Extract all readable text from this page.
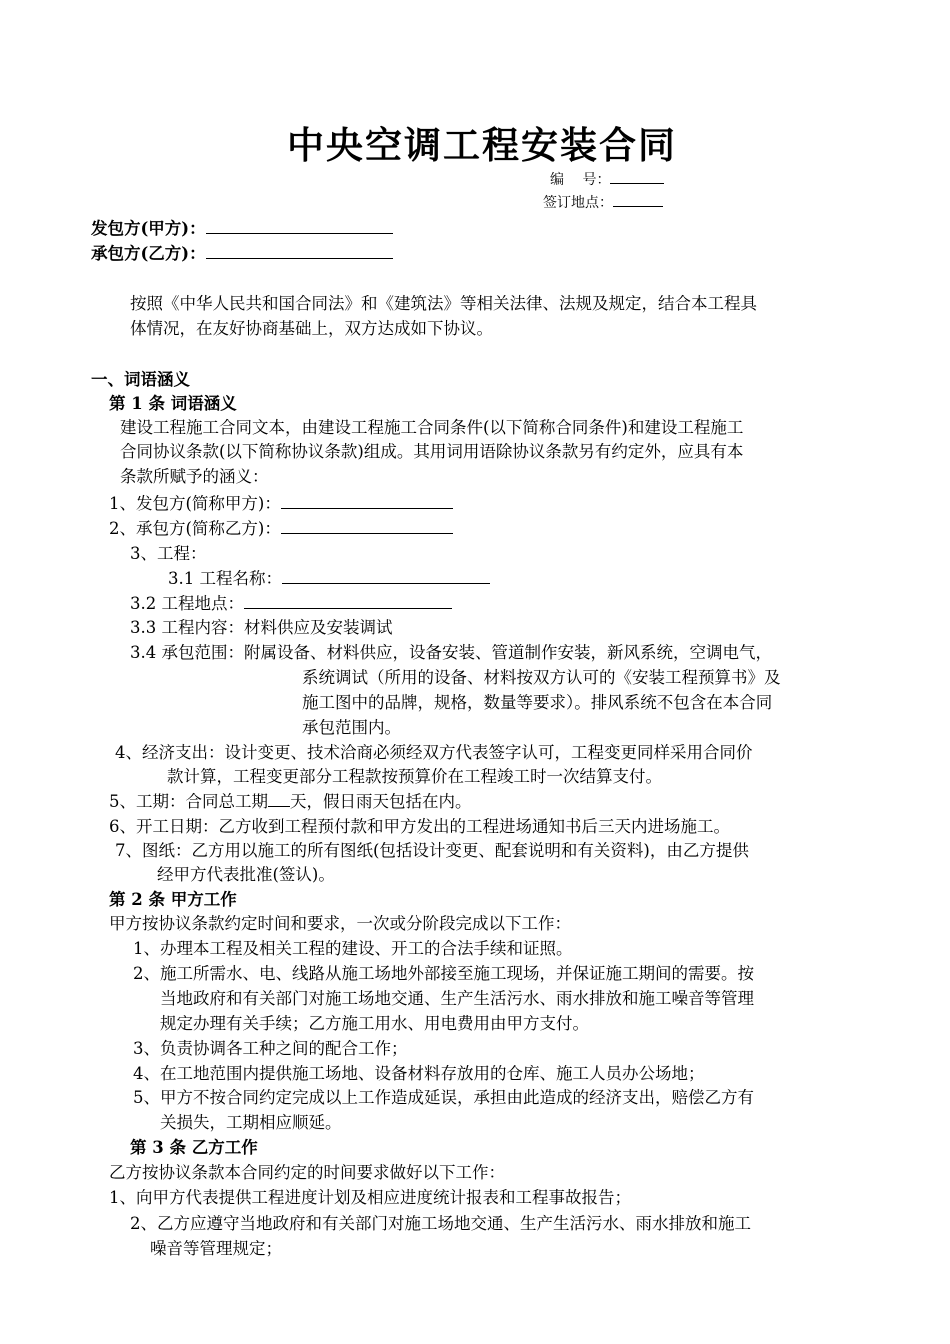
中央空调工程安装合同
编　 号：
签订地点：
发包方(甲方)：
承包方(乙方)：
按照《中华人民共和国合同法》和《建筑法》等相关法律、法规及规定，结合本工程具
体情况，在友好协商基础上，双方达成如下协议。
一、词语涵义
第 1 条 词语涵义
建设工程施工合同文本，由建设工程施工合同条件(以下简称合同条件)和建设工程施工
合同协议条款(以下简称协议条款)组成。其用词用语除协议条款另有约定外，应具有本
条款所赋予的涵义：
1、发包方(简称甲方)：
2、承包方(简称乙方)：
3、工程：
3.1 工程名称：
3.2 工程地点：
3.3 工程内容：材料供应及安装调试
3.4 承包范围：附属设备、材料供应，设备安装、管道制作安装，新风系统，空调电气，
系统调试（所用的设备、材料按双方认可的《安装工程预算书》及
施工图中的品牌，规格，数量等要求）。排风系统不包含在本合同
承包范围内。
4、经济支出：设计变更、技术洽商必须经双方代表签字认可，工程变更同样采用合同价
款计算，工程变更部分工程款按预算价在工程竣工时一次结算支付。
5、工期：合同总工期 天，假日雨天包括在内。
6、开工日期：乙方收到工程预付款和甲方发出的工程进场通知书后三天内进场施工。
7、图纸：乙方用以施工的所有图纸(包括设计变更、配套说明和有关资料)，由乙方提供
经甲方代表批准(签认)。
第 2 条 甲方工作
甲方按协议条款约定时间和要求，一次或分阶段完成以下工作：
1、办理本工程及相关工程的建设、开工的合法手续和证照。
2、施工所需水、电、线路从施工场地外部接至施工现场，并保证施工期间的需要。按
当地政府和有关部门对施工场地交通、生产生活污水、雨水排放和施工噪音等管理
规定办理有关手续；乙方施工用水、用电费用由甲方支付。
3、负责协调各工种之间的配合工作；
4、在工地范围内提供施工场地、设备材料存放用的仓库、施工人员办公场地；
5、甲方不按合同约定完成以上工作造成延误，承担由此造成的经济支出，赔偿乙方有
关损失，工期相应顺延。
第 3 条 乙方工作
乙方按协议条款本合同约定的时间要求做好以下工作：
1、向甲方代表提供工程进度计划及相应进度统计报表和工程事故报告；
2、乙方应遵守当地政府和有关部门对施工场地交通、生产生活污水、雨水排放和施工
噪音等管理规定；
